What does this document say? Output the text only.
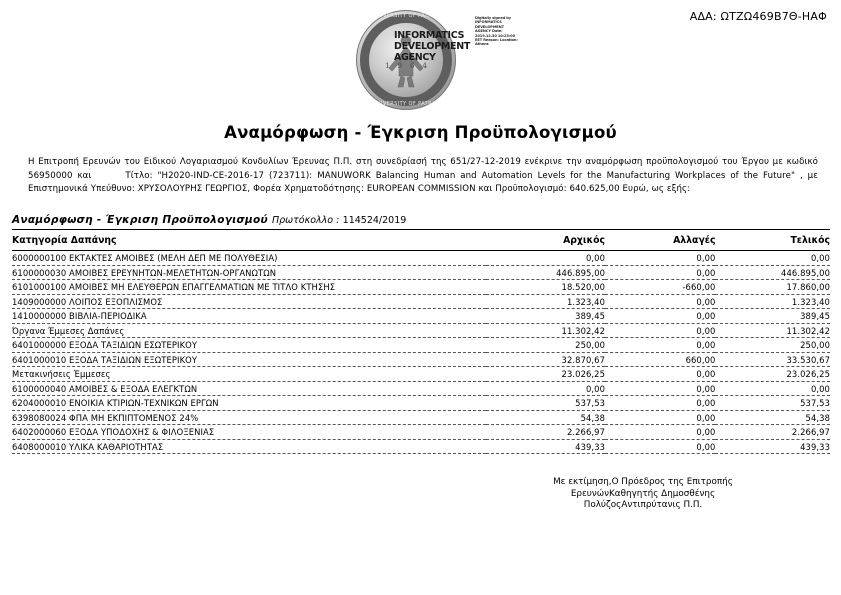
ΑΔΑ: ΩΤΖΩ469Β7Θ-ΗΑΦ
UNIVERSITY OF PATRAS
UNIVERSITY OF PATRAS
1964
INFORMATICS DEVELOPMENT AGENCY
Digitally signed by INFORMATICS DEVELOPMENT AGENCY Date: 2019.12.30 10:23:00 EET Reason: Location: Athens
Αναμόρφωση - Έγκριση Προϋπολογισμού
Η Επιτροπή Ερευνών του Ειδικού Λογαριασμού Κονδυλίων Έρευνας Π.Π. στη συνεδρίασή της 651/27-12-2019 ενέκρινε την αναμόρφωση προϋπολογισμού του Έργου με κωδικό 56950000 και	Τίτλο: "H2020-IND-CE-2016-17 (723711): MANUWORK Balancing Human and Automation Levels for the Manufacturing Workplaces of the Future" , με Επιστημονικά Υπεύθυνο: ΧΡΥΣΟΛΟΥΡΗΣ ΓΕΩΡΓΙΟΣ, Φορέα Χρηματοδότησης: EUROPEAN COMMISSION και Προϋπολογισμό: 640.625,00 Ευρώ, ως εξής:
Αναμόρφωση - Έγκριση Προϋπολογισμού Πρωτόκολλο : 114524/2019
Κατηγορία Δαπάνης	Αρχικός	Αλλαγές	Τελικός
6000000100 ΕΚΤΑΚΤΕΣ ΑΜΟΙΒΕΣ (ΜΕΛΗ ΔΕΠ ΜΕ ΠΟΛΥΘΕΣΙΑ)	0,00	0,00	0,00
6100000030 ΑΜΟΙΒΕΣ ΕΡΕΥΝΗΤΩΝ-ΜΕΛΕΤΗΤΩΝ-ΟΡΓΑΝΩΤΩΝ	446.895,00	0,00	446.895,00
6101000100 ΑΜΟΙΒΕΣ ΜΗ ΕΛΕΥΘΕΡΩΝ ΕΠΑΓΓΕΛΜΑΤΙΩΝ ΜΕ ΤΙΤΛΟ ΚΤΗΣΗΣ	18.520,00	-660,00	17.860,00
1409000000 ΛΟΙΠΟΣ ΕΞΟΠΛΙΣΜΟΣ	1.323,40	0,00	1.323,40
1410000000 ΒΙΒΛΙΑ-ΠΕΡΙΟΔΙΚΑ	389,45	0,00	389,45
Όργανα Έμμεσες Δαπάνες	11.302,42	0,00	11.302,42
6401000000 ΕΞΟΔΑ ΤΑΞΙΔΙΩΝ ΕΣΩΤΕΡΙΚΟΥ	250,00	0,00	250,00
6401000010 ΕΞΟΔΑ ΤΑΞΙΔΙΩΝ ΕΞΩΤΕΡΙΚΟΥ	32.870,67	660,00	33.530,67
Μετακινήσεις Έμμεσες	23.026,25	0,00	23.026,25
6100000040 ΑΜΟΙΒΕΣ & ΕΞΟΔΑ ΕΛΕΓΚΤΩΝ	0,00	0,00	0,00
6204000010 ΕΝΟΙΚΙΑ ΚΤΙΡΙΩΝ-ΤΕΧΝΙΚΩΝ ΕΡΓΩΝ	537,53	0,00	537,53
6398080024 ΦΠΑ ΜΗ ΕΚΠΙΠΤΟΜΕΝΟΣ 24%	54,38	0,00	54,38
6402000060 ΕΞΟΔΑ ΥΠΟΔΟΧΗΣ & ΦΙΛΟΞΕΝΙΑΣ	2.266,97	0,00	2.266,97
6408000010 ΥΛΙΚΑ ΚΑΘΑΡΙΟΤΗΤΑΣ	439,33	0,00	439,33
Με εκτίμηση,Ο Πρόεδρος της Επιτροπής
ΕρευνώνΚαθηγητής Δημοσθένης
ΠολύζοςΑντιπρύτανις Π.Π.
